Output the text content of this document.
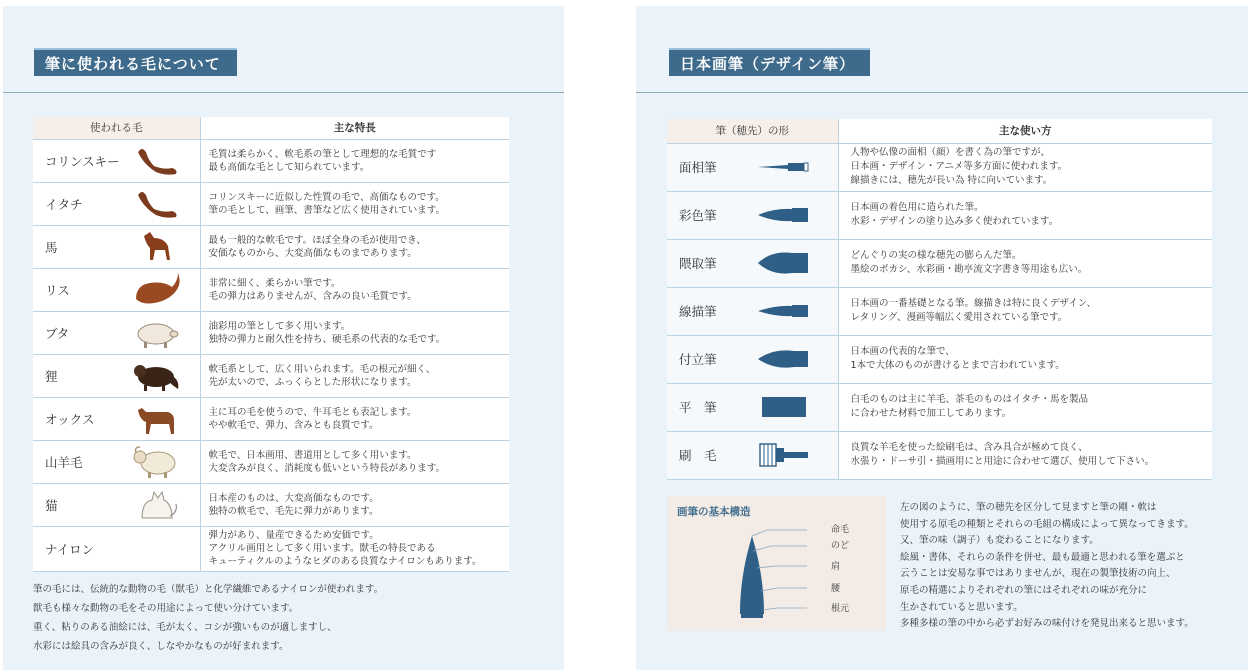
筆に使われる毛について
使われる毛	主な特長
コリンスキー	毛質は柔らかく、軟毛系の筆として理想的な毛質です
最も高価な毛として知られています。

イタチ	コリンスキーに近似した性質の毛で、高価なものです。
筆の毛として、画筆、書筆など広く使用されています。

馬	最も一般的な軟毛です。ほぼ全身の毛が使用でき、
安価なものから、大変高価なものまであります。

リス	非常に細く、柔らかい筆です。
毛の弾力はありませんが、含みの良い毛質です。

ブタ	油彩用の筆として多く用います。
独特の弾力と耐久性を持ち、硬毛系の代表的な毛です。

狸	軟毛系として、広く用いられます。毛の根元が細く、
先が太いので、ふっくらとした形状になります。

オックス	主に耳の毛を使うので、牛耳毛とも表記します。
やや軟毛で、弾力、含みとも良質です。

山羊毛	軟毛で、日本画用、書道用として多く用います。
大変含みが良く、消耗度も低いという特長があります。

猫	日本産のものは、大変高価なものです。
独特の軟毛で、毛先に弾力があります。

ナイロン	弾力があり、量産できるため安価です。
アクリル画用として多く用います。獣毛の特長である
キューティクルのようなヒダのある良質なナイロンもあります。
筆の毛には、伝統的な動物の毛（獣毛）と化学繊維であるナイロンが使われます。
獣毛も様々な動物の毛をその用途によって使い分けています。
重く、粘りのある油絵には、毛が太く、コシが強いものが適しますし、
水彩には絵具の含みが良く、しなやかなものが好まれます。
日本画筆（デザイン筆）
筆（穂先）の形	主な使い方
面相筆	人物や仏像の面相（顔）を書く為の筆ですが、
日本画・デザイン・アニメ等多方面に使われます。
線描きには、穂先が長い為 特に向いています。

彩色筆	日本画の着色用に造られた筆。
水彩・デザインの塗り込み多く使われています。

隈取筆	どんぐりの実の様な穂先の膨らんだ筆。
墨絵のボカシ、水彩画・勘亭流文字書き等用途も広い。

線描筆	日本画の一番基礎となる筆。線描きは特に良くデザイン、
レタリング、漫画等幅広く愛用されている筆です。

付立筆	日本画の代表的な筆で、
1本で大体のものが書けるとまで言われています。

平　筆	白毛のものは主に羊毛、茶毛のものはイタチ・馬を製品
に合わせた材料で加工してあります。

刷　毛	良質な羊毛を使った絵刷毛は、含み具合が極めて良く、
水張り・ドーサ引・描画用にと用途に合わせて選び、使用して下さい。
画筆の基本構造
命毛
のど
肩
腰
根元
左の図のように、筆の穂先を区分して見ますと筆の剛・軟は
使用する原毛の種類とそれらの毛組の構成によって異なってきます。
又、筆の味（調子）も変わることになります。
絵風・書体、それらの条件を併せ、最も最適と思われる筆を選ぶと
云うことは安易な事ではありませんが、現在の製筆技術の向上、
原毛の精選によりそれぞれの筆にはそれぞれの味が充分に
生かされていると思います。
多種多様の筆の中から必ずお好みの味付けを発見出来ると思います。
